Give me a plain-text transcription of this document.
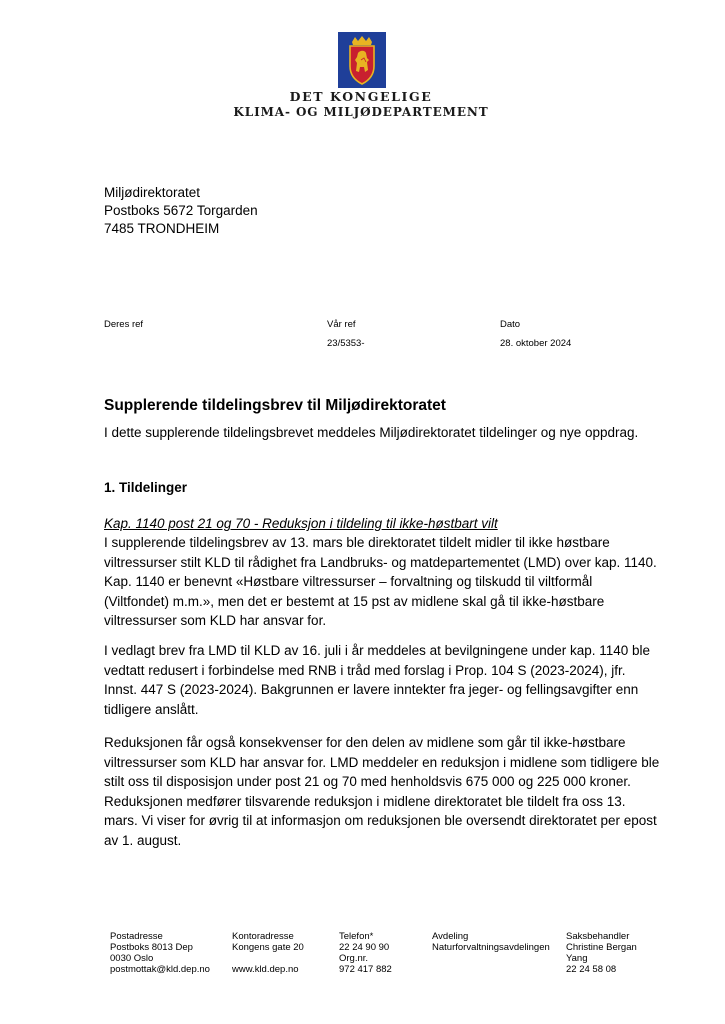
DET KONGELIGE
KLIMA- OG MILJØDEPARTEMENT
Miljødirektoratet
Postboks 5672 Torgarden
7485 TRONDHEIM
Deres ref	Vår ref
23/5353-
Dato
28. oktober 2024
Supplerende tildelingsbrev til Miljødirektoratet
I dette supplerende tildelingsbrevet meddeles Miljødirektoratet tildelinger og nye oppdrag.
1. Tildelinger
Kap. 1140 post 21 og 70 - Reduksjon i tildeling til ikke-høstbart vilt
I supplerende tildelingsbrev av 13. mars ble direktoratet tildelt midler til ikke høstbare
viltressurser stilt KLD til rådighet fra Landbruks- og matdepartementet (LMD) over kap. 1140.
Kap. 1140 er benevnt «Høstbare viltressurser – forvaltning og tilskudd til viltformål
(Viltfondet) m.m.», men det er bestemt at 15 pst av midlene skal gå til ikke-høstbare
viltressurser som KLD har ansvar for.
I vedlagt brev fra LMD til KLD av 16. juli i år meddeles at bevilgningene under kap. 1140 ble
vedtatt redusert i forbindelse med RNB i tråd med forslag i Prop. 104 S (2023-2024), jfr.
Innst. 447 S (2023-2024). Bakgrunnen er lavere inntekter fra jeger- og fellingsavgifter enn
tidligere anslått.
Reduksjonen får også konsekvenser for den delen av midlene som går til ikke-høstbare
viltressurser som KLD har ansvar for. LMD meddeler en reduksjon i midlene som tidligere ble
stilt oss til disposisjon under post 21 og 70 med henholdsvis 675 000 og 225 000 kroner.
Reduksjonen medfører tilsvarende reduksjon i midlene direktoratet ble tildelt fra oss 13.
mars. Vi viser for øvrig til at informasjon om reduksjonen ble oversendt direktoratet per epost
av 1. august.
Postadresse
Postboks 8013 Dep
0030 Oslo
postmottak@kld.dep.no
Kontoradresse
Kongens gate 20
www.kld.dep.no
Telefon*
22 24 90 90
Org.nr.
972 417 882
Avdeling
Naturforvaltningsavdelingen
Saksbehandler
Christine Bergan
Yang
22 24 58 08
